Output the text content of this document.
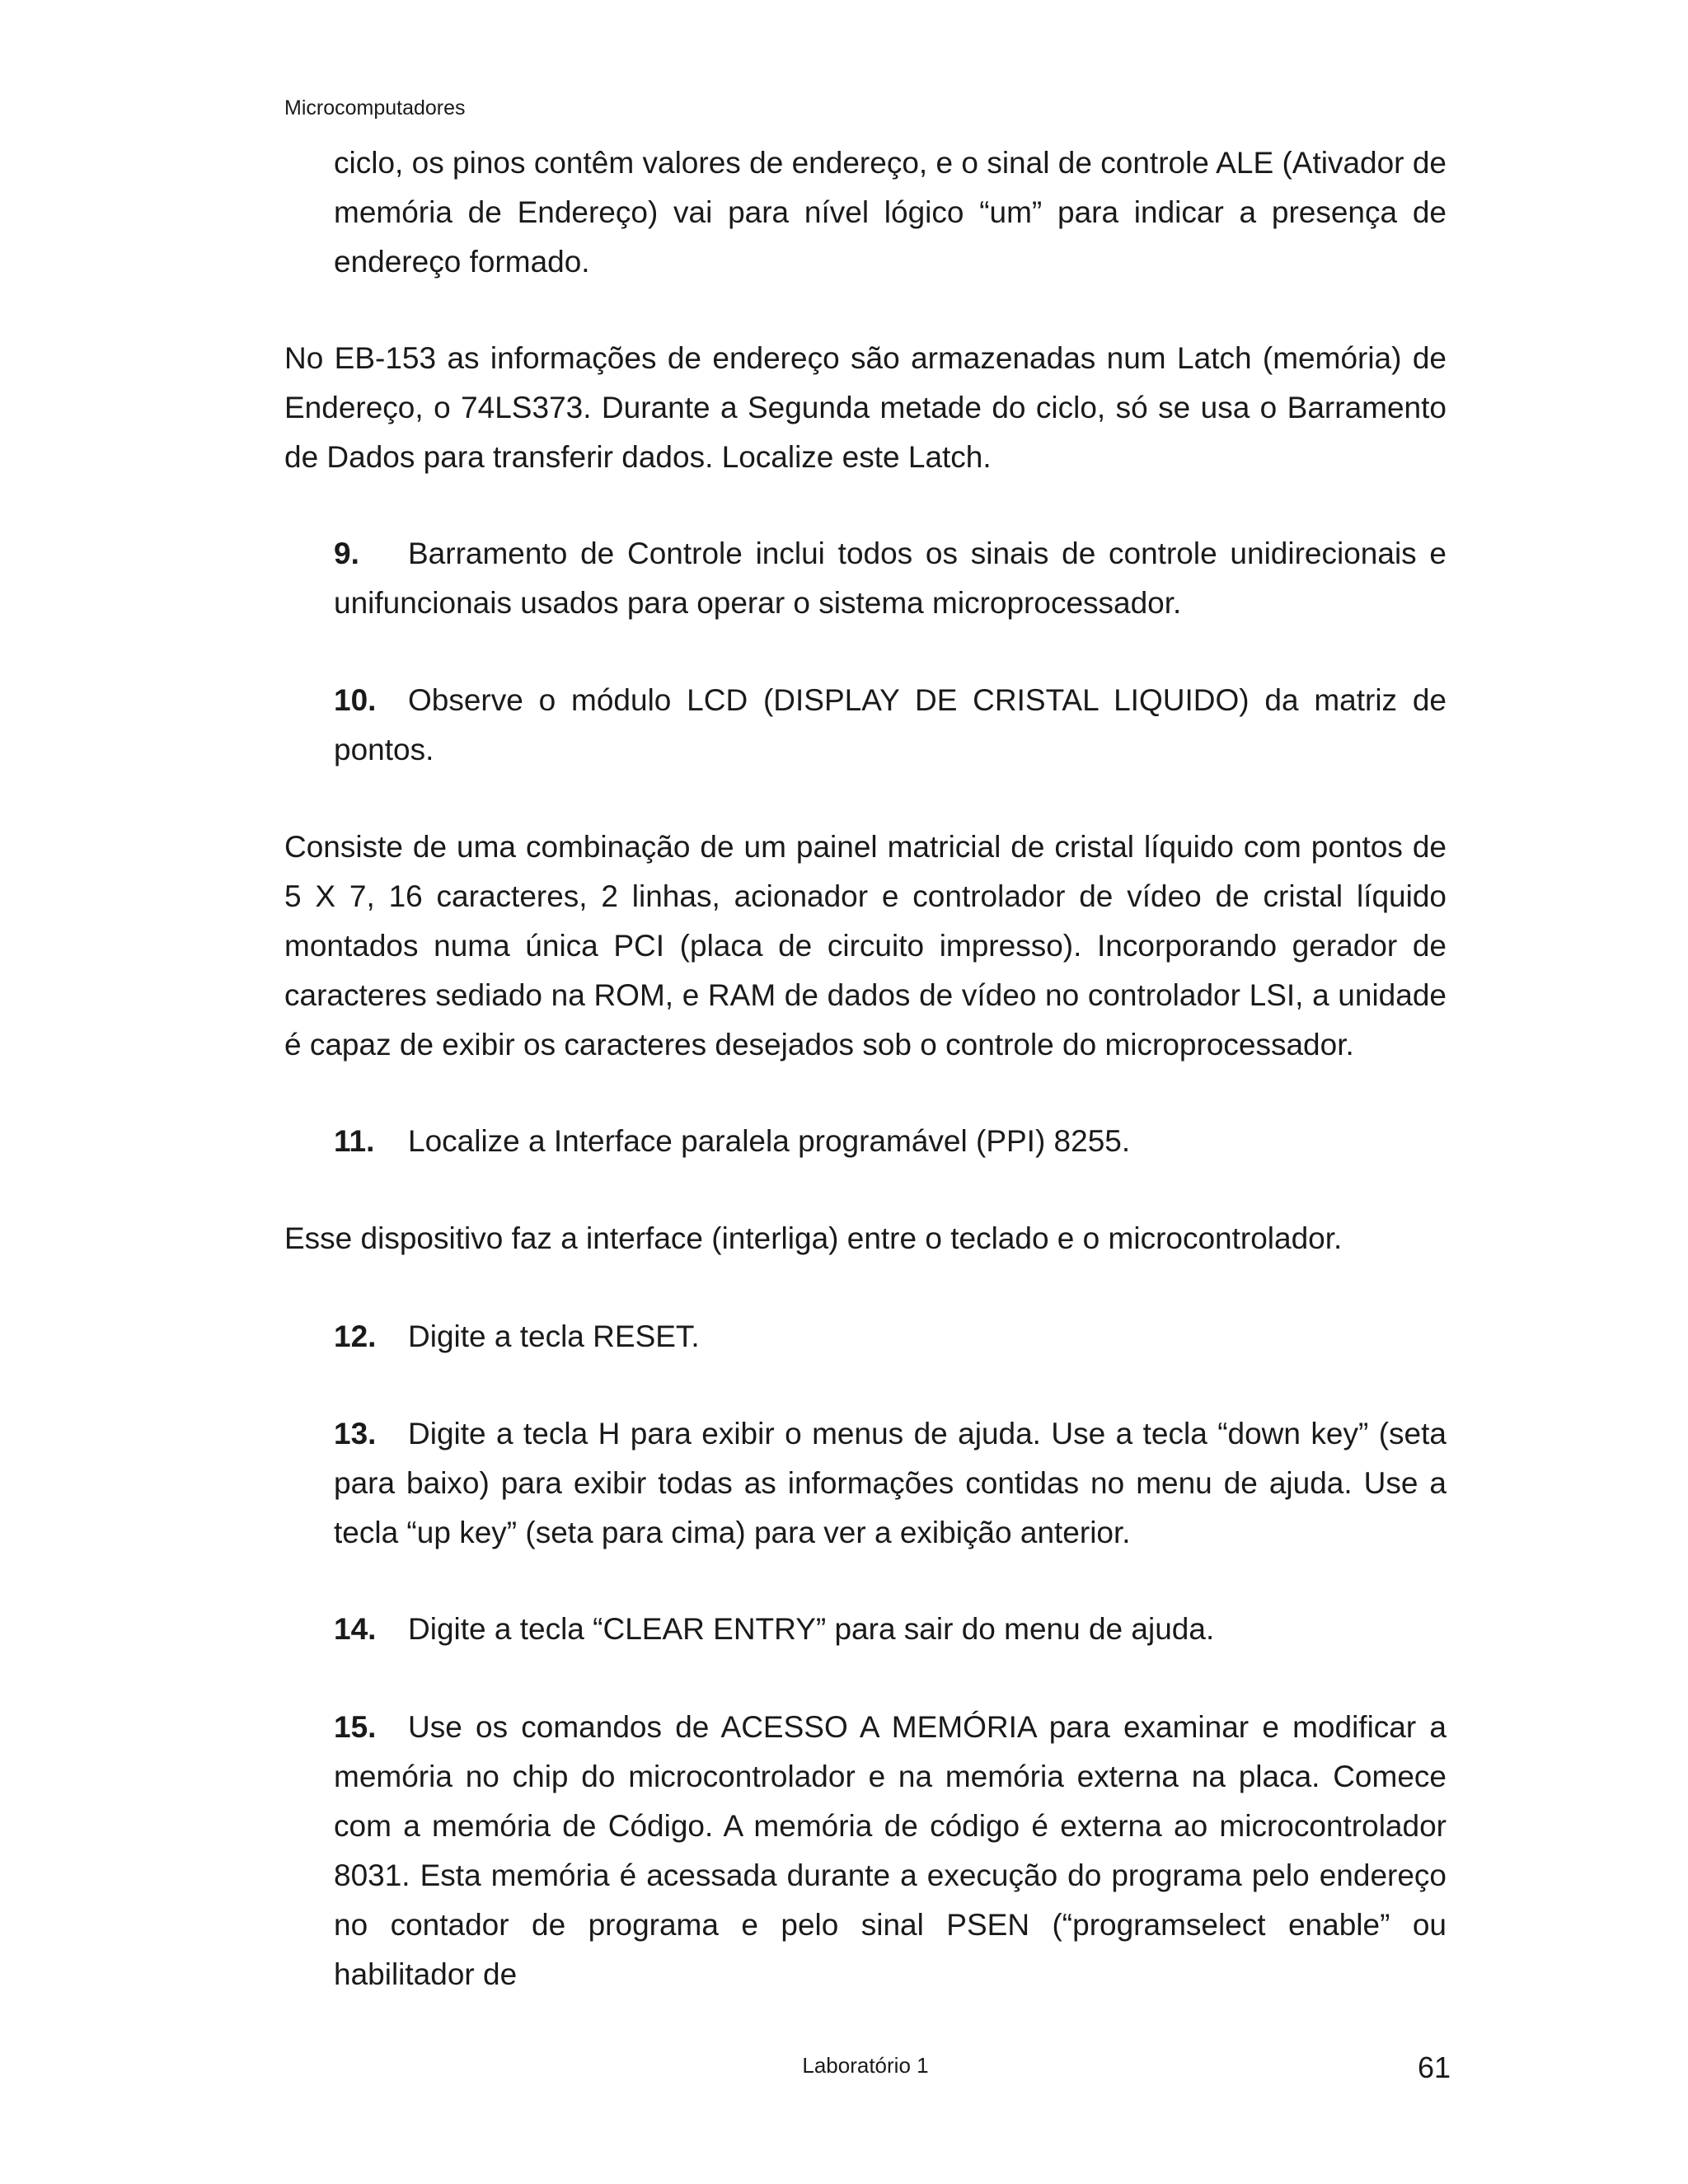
Microcomputadores
ciclo, os pinos contêm valores de endereço, e o sinal de controle ALE (Ativador de memória de Endereço) vai para nível lógico “um” para indicar a presença de endereço formado.
No EB-153 as informações de endereço são armazenadas num Latch (memória) de Endereço, o 74LS373. Durante a Segunda metade do ciclo, só se usa o Barramento de Dados para transferir dados. Localize este Latch.
9. Barramento de Controle inclui todos os sinais de controle unidirecionais e unifuncionais usados para operar o sistema microprocessador.
10. Observe o módulo LCD (DISPLAY DE CRISTAL LIQUIDO) da matriz de pontos.
Consiste de uma combinação de um painel matricial de cristal líquido com pontos de 5 X 7, 16 caracteres, 2 linhas, acionador e controlador de vídeo de cristal líquido montados numa única PCI (placa de circuito impresso). Incorporando gerador de caracteres sediado na ROM, e RAM de dados de vídeo no controlador LSI, a unidade é capaz de exibir os caracteres desejados sob o controle do microprocessador.
11. Localize a Interface paralela programável (PPI) 8255.
Esse dispositivo faz a interface (interliga) entre o teclado e o microcontrolador.
12. Digite a tecla RESET.
13. Digite a tecla H para exibir o menus de ajuda. Use a tecla “down key” (seta para baixo) para exibir todas as informações contidas no menu de ajuda. Use a tecla “up key” (seta para cima) para ver a exibição anterior.
14. Digite a tecla “CLEAR ENTRY” para sair do menu de ajuda.
15. Use os comandos de ACESSO A MEMÓRIA para examinar e modificar a memória no chip do microcontrolador e na memória externa na placa. Comece com a memória de Código. A memória de código é externa ao microcontrolador 8031. Esta memória é acessada durante a execução do programa pelo endereço no contador de programa e pelo sinal PSEN (“programselect enable” ou habilitador de
Laboratório 1	61
